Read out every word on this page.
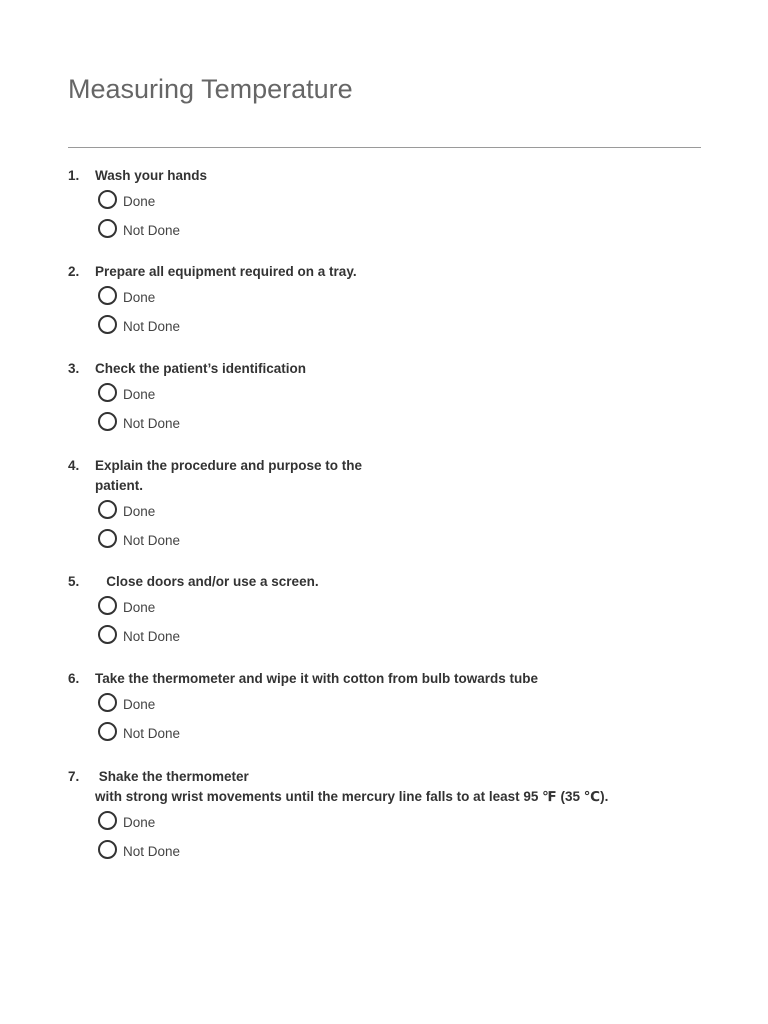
Measuring Temperature
1.	Wash your hands
Done
Not Done
2.	Prepare all equipment required on a tray.
Done
Not Done
3.	Check the patient’s identification
Done
Not Done
4.	Explain the procedure and purpose to the patient.
Done
Not Done
5.	Close doors and/or use a screen.
Done
Not Done
6.	Take the thermometer and wipe it with cotton from bulb towards tube
Done
Not Done
7.	Shake the thermometer
with strong wrist movements until the mercury line falls to at least 95 ℉ (35 ℃).
Done
Not Done
